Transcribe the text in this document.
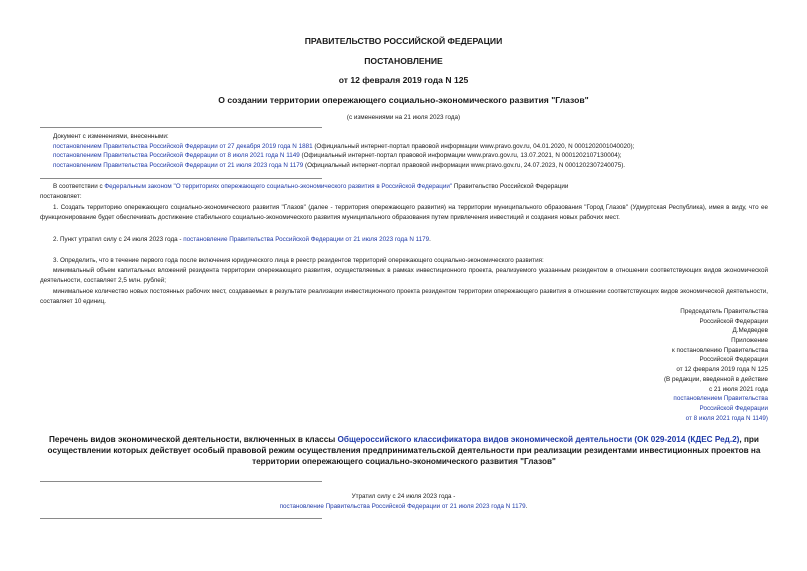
ПРАВИТЕЛЬСТВО РОССИЙСКОЙ ФЕДЕРАЦИИ
ПОСТАНОВЛЕНИЕ
от 12 февраля 2019 года N 125
О создании территории опережающего социально-экономического развития "Глазов"
(с изменениями на 21 июля 2023 года)
Документ с изменениями, внесенными:
постановлением Правительства Российской Федерации от 27 декабря 2019 года N 1881 (Официальный интернет-портал правовой информации www.pravo.gov.ru, 04.01.2020, N 0001202001040020);
постановлением Правительства Российской Федерации от 8 июля 2021 года N 1149 (Официальный интернет-портал правовой информации www.pravo.gov.ru, 13.07.2021, N 0001202107130004);
постановлением Правительства Российской Федерации от 21 июля 2023 года N 1179 (Официальный интернет-портал правовой информации www.pravo.gov.ru, 24.07.2023, N 0001202307240075).
В соответствии с Федеральным законом "О территориях опережающего социально-экономического развития в Российской Федерации" Правительство Российской Федерации
постановляет:
1. Создать территорию опережающего социально-экономического развития "Глазов" (далее - территория опережающего развития) на территории муниципального образования "Город Глазов" (Удмуртская Республика), имея в виду, что ее функционирование будет обеспечивать достижение стабильного социально-экономического развития муниципального образования путем привлечения инвестиций и создания новых рабочих мест.
2. Пункт утратил силу с 24 июля 2023 года - постановление Правительства Российской Федерации от 21 июля 2023 года N 1179.
3. Определить, что в течение первого года после включения юридического лица в реестр резидентов территорий опережающего социально-экономического развития:
минимальный объем капитальных вложений резидента территории опережающего развития, осуществляемых в рамках инвестиционного проекта, реализуемого указанным резидентом в отношении соответствующих видов экономической деятельности, составляет 2,5 млн. рублей;
минимальное количество новых постоянных рабочих мест, создаваемых в результате реализации инвестиционного проекта резидентом территории опережающего развития в отношении соответствующих видов экономической деятельности, составляет 10 единиц.
Председатель Правительства
Российской Федерации
Д.Медведев
Приложение
к постановлению Правительства
Российской Федерации
от 12 февраля 2019 года N 125
(В редакции, введенной в действие
с 21 июля 2021 года
постановлением Правительства
Российской Федерации
от 8 июля 2021 года N 1149)
Перечень видов экономической деятельности, включенных в классы Общероссийского классификатора видов экономической деятельности (ОК 029-2014 (КДЕС Ред.2), при осуществлении которых действует особый правовой режим осуществления предпринимательской деятельности при реализации резидентами инвестиционных проектов на территории опережающего социально-экономического развития "Глазов"
Утратил силу с 24 июля 2023 года -
постановление Правительства Российской Федерации от 21 июля 2023 года N 1179.
